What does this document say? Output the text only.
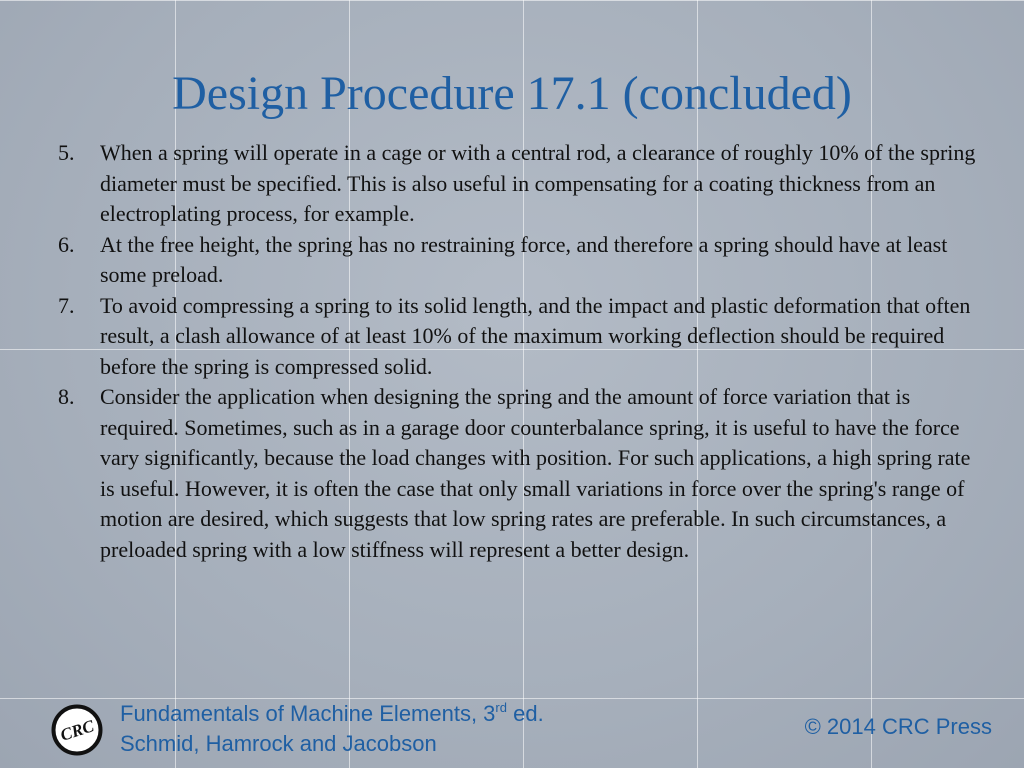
Design Procedure 17.1 (concluded)
5. When a spring will operate in a cage or with a central rod, a clearance of roughly 10% of the spring diameter must be specified. This is also useful in compensating for a coating thickness from an electroplating process, for example.
6. At the free height, the spring has no restraining force, and therefore a spring should have at least some preload.
7. To avoid compressing a spring to its solid length, and the impact and plastic deformation that often result, a clash allowance of at least 10% of the maximum working deflection should be required before the spring is compressed solid.
8. Consider the application when designing the spring and the amount of force variation that is required. Sometimes, such as in a garage door counterbalance spring, it is useful to have the force vary significantly, because the load changes with position. For such applications, a high spring rate is useful. However, it is often the case that only small variations in force over the spring's range of motion are desired, which suggests that low spring rates are preferable. In such circumstances, a preloaded spring with a low stiffness will represent a better design.
CRC
Fundamentals of Machine Elements, 3rd ed.
Schmid, Hamrock and Jacobson
© 2014 CRC Press
